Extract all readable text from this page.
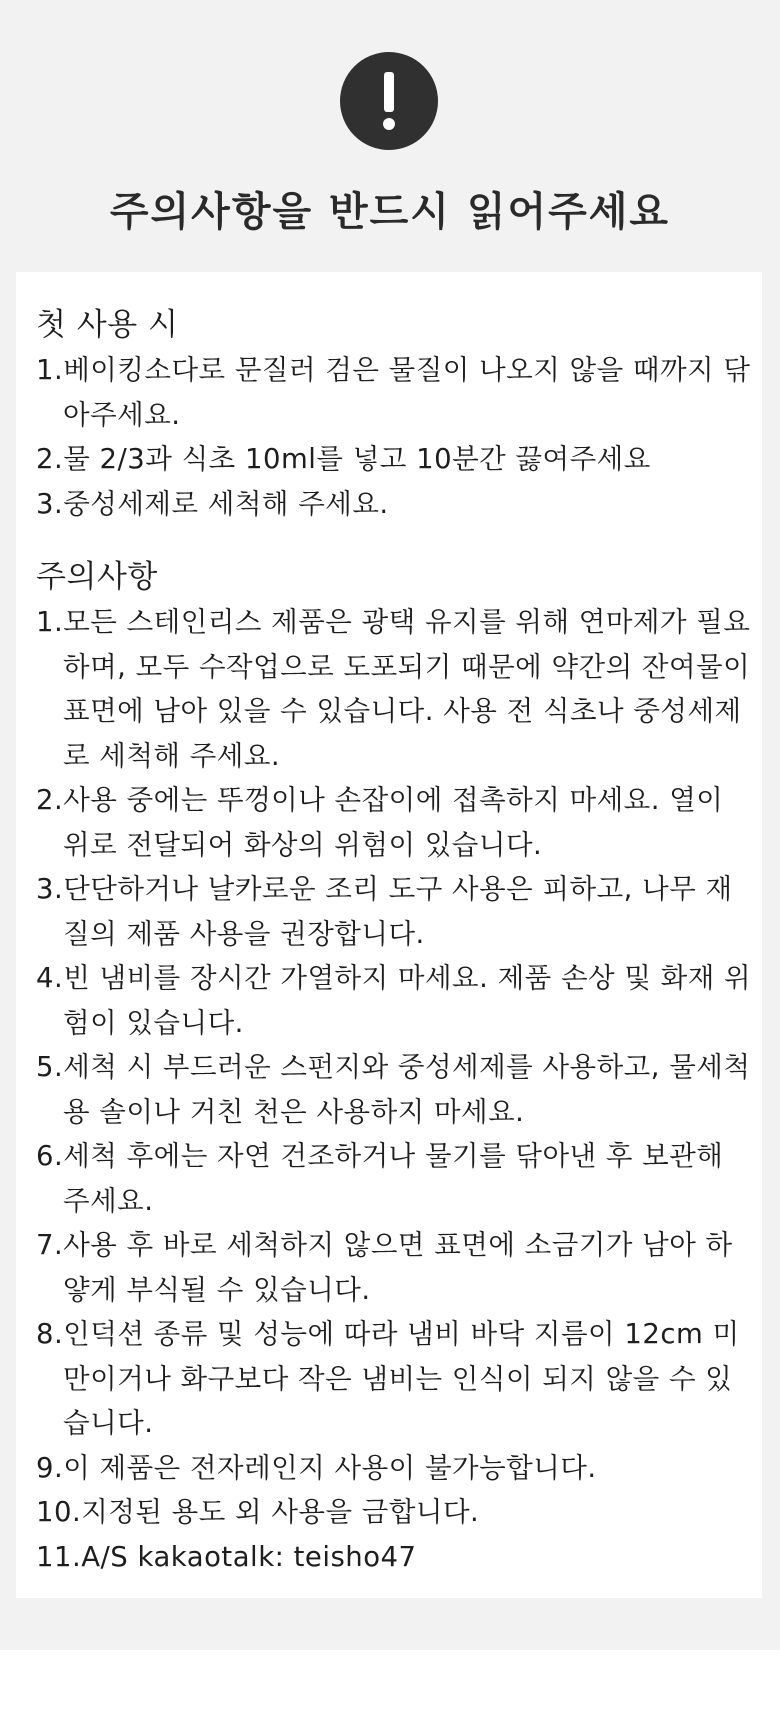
주의사항을 반드시 읽어주세요
첫 사용 시
1.베이킹소다로 문질러 검은 물질이 나오지 않을 때까지 닦아주세요.
2.물 2/3과 식초 10ml를 넣고 10분간 끓여주세요
3.중성세제로 세척해 주세요.
주의사항
1.모든 스테인리스 제품은 광택 유지를 위해 연마제가 필요하며, 모두 수작업으로 도포되기 때문에 약간의 잔여물이 표면에 남아 있을 수 있습니다. 사용 전 식초나 중성세제로 세척해 주세요.
2.사용 중에는 뚜껑이나 손잡이에 접촉하지 마세요. 열이 위로 전달되어 화상의 위험이 있습니다.
3.단단하거나 날카로운 조리 도구 사용은 피하고, 나무 재질의 제품 사용을 권장합니다.
4.빈 냄비를 장시간 가열하지 마세요. 제품 손상 및 화재 위험이 있습니다.
5.세척 시 부드러운 스펀지와 중성세제를 사용하고, 물세척용 솔이나 거친 천은 사용하지 마세요.
6.세척 후에는 자연 건조하거나 물기를 닦아낸 후 보관해 주세요.
7.사용 후 바로 세척하지 않으면 표면에 소금기가 남아 하얗게 부식될 수 있습니다.
8.인덕션 종류 및 성능에 따라 냄비 바닥 지름이 12cm 미만이거나 화구보다 작은 냄비는 인식이 되지 않을 수 있습니다.
9.이 제품은 전자레인지 사용이 불가능합니다.
10.지정된 용도 외 사용을 금합니다.
11.A/S kakaotalk: teisho47
